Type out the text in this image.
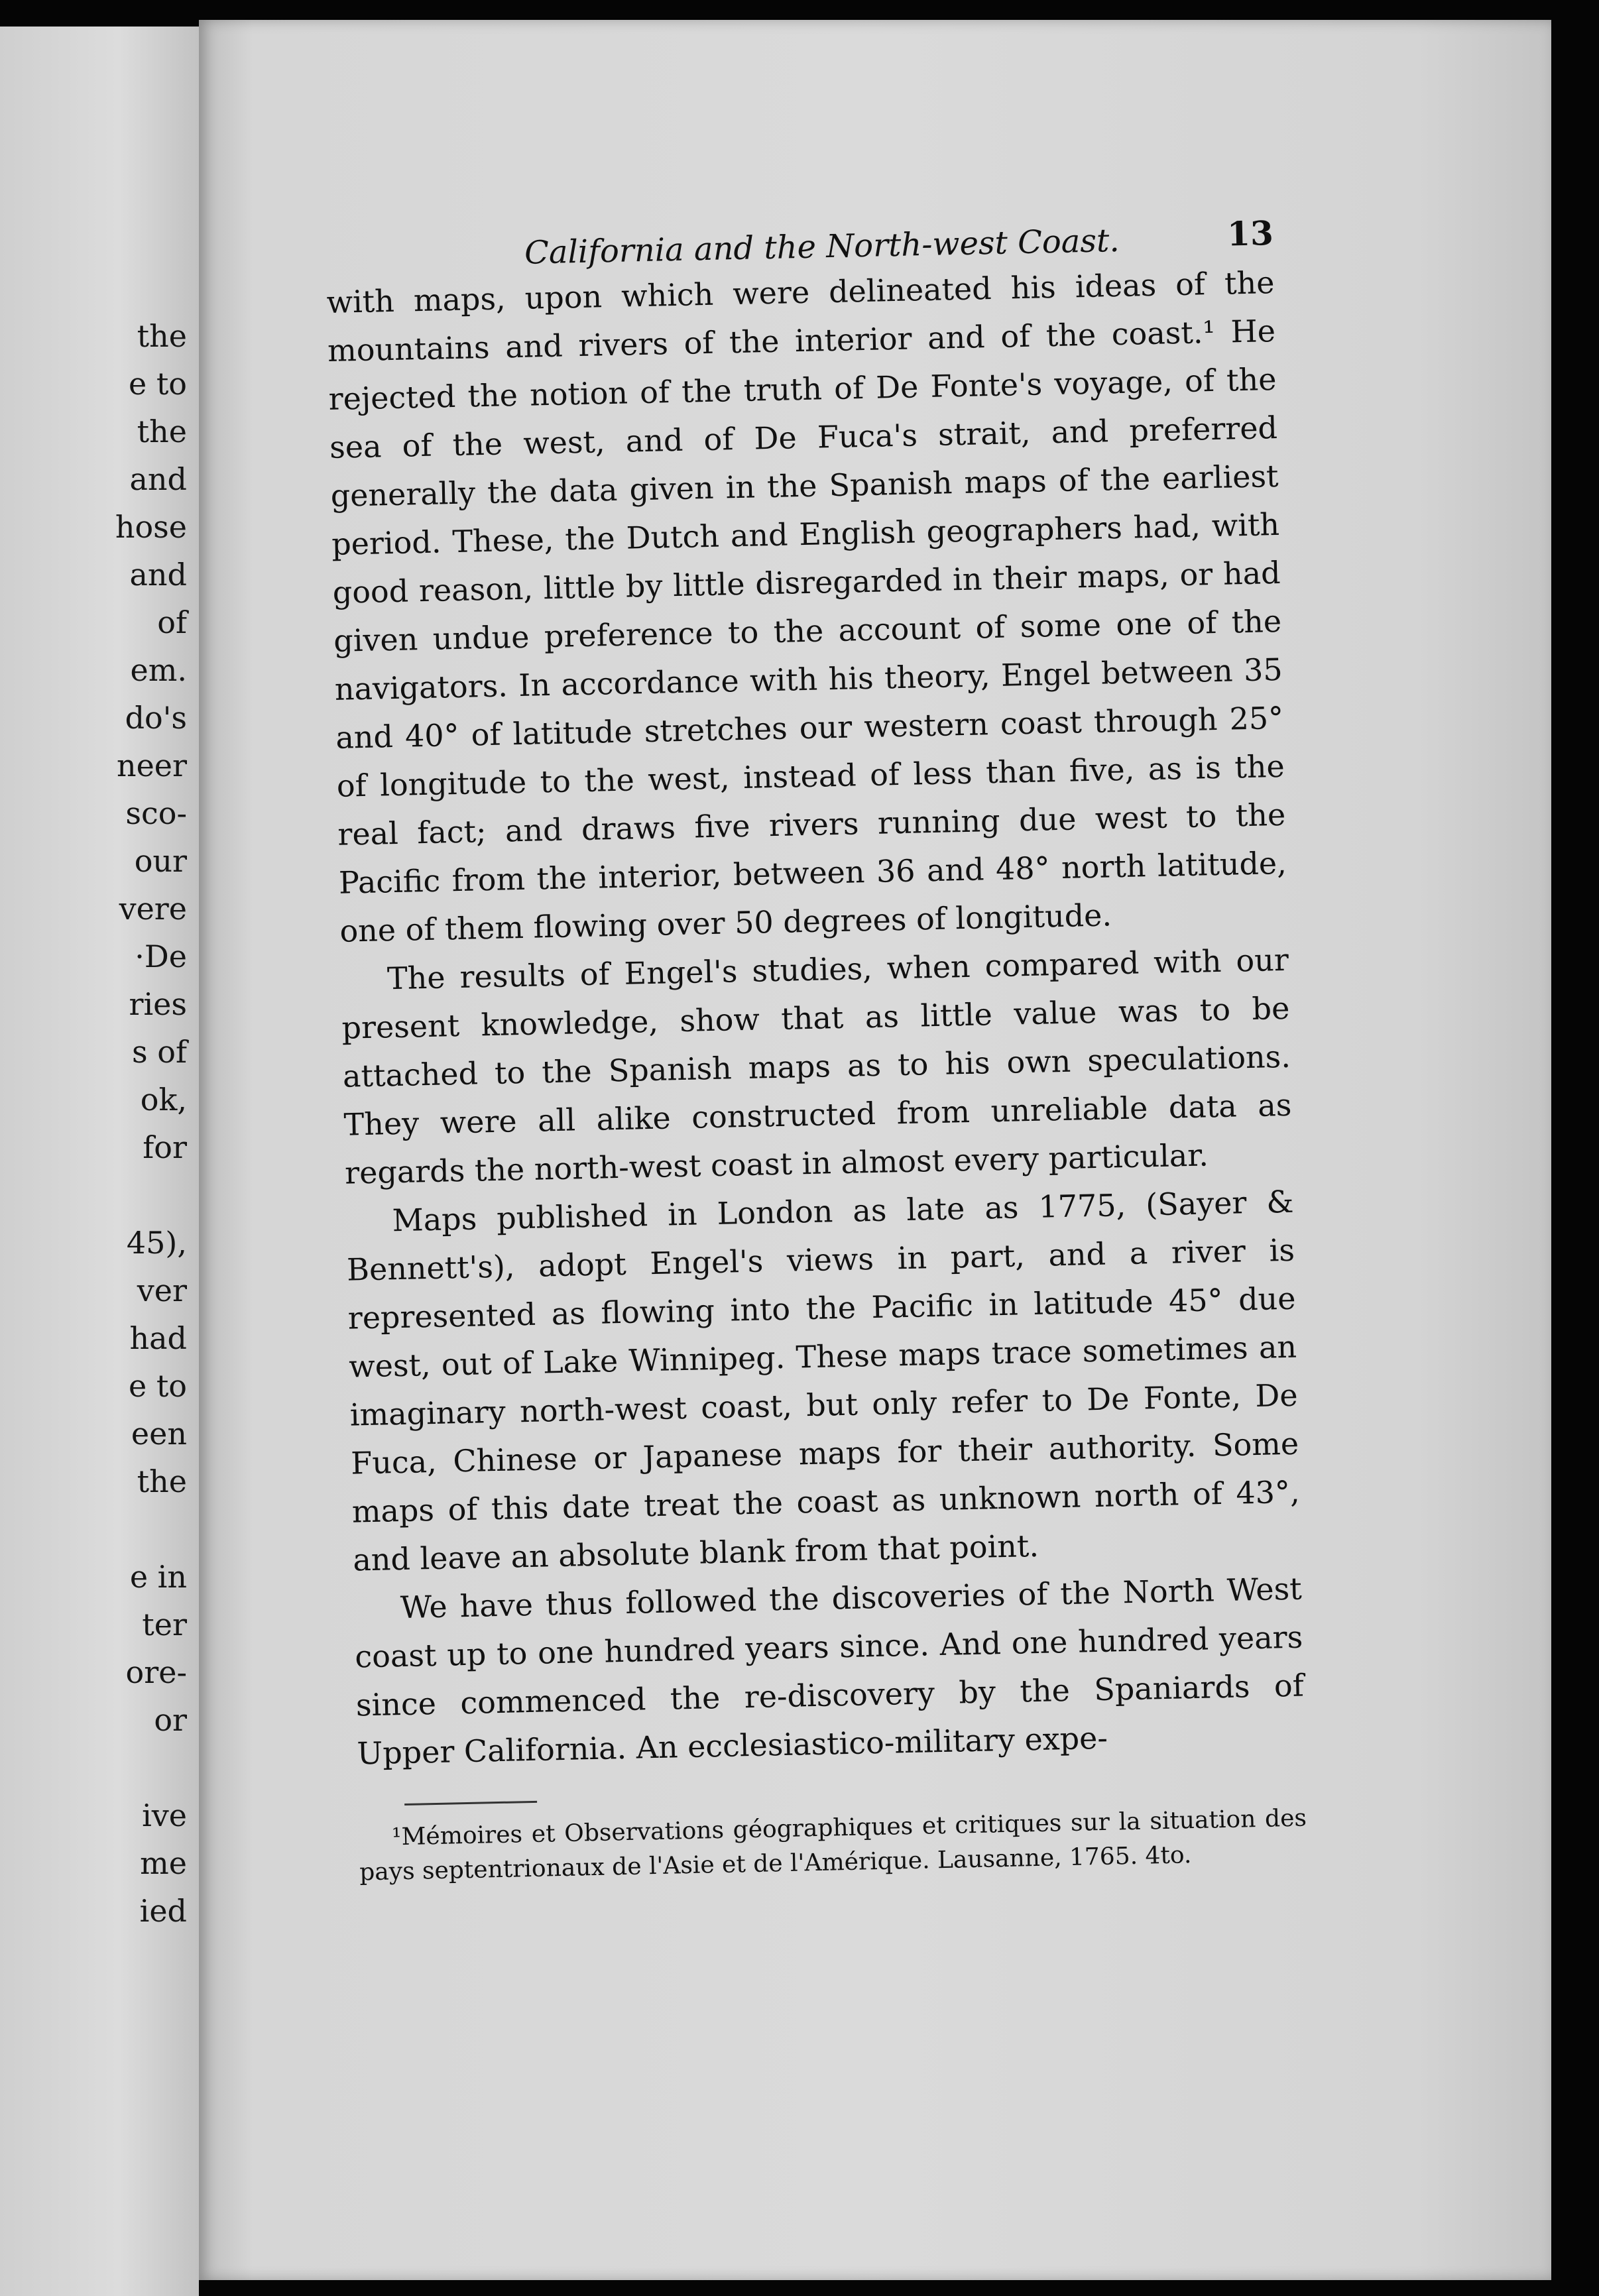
the
e to
the
and
hose
and
of
em.
do's
neer
sco-
our
vere
·De
ries
s of
ok,
for
45),
ver
had
e to
een
the
e in
ter
ore-
or
ive
me
ied
California and the North-west Coast.	13

with maps, upon which were delineated his ideas of the mountains and rivers of the interior and of the coast.¹ He rejected the notion of the truth of De Fonte's voyage, of the sea of the west, and of De Fuca's strait, and preferred generally the data given in the Spanish maps of the earliest period. These, the Dutch and English geographers had, with good reason, little by little disregarded in their maps, or had given undue preference to the account of some one of the navigators. In accordance with his theory, Engel between 35 and 40° of latitude stretches our western coast through 25° of longitude to the west, instead of less than five, as is the real fact; and draws five rivers running due west to the Pacific from the interior, between 36 and 48° north latitude, one of them flowing over 50 degrees of longitude.

The results of Engel's studies, when compared with our present knowledge, show that as little value was to be attached to the Spanish maps as to his own speculations. They were all alike constructed from unreliable data as regards the north-west coast in almost every particular.

Maps published in London as late as 1775, (Sayer & Bennett's), adopt Engel's views in part, and a river is represented as flowing into the Pacific in latitude 45° due west, out of Lake Winnipeg. These maps trace sometimes an imaginary north-west coast, but only refer to De Fonte, De Fuca, Chinese or Japanese maps for their authority. Some maps of this date treat the coast as unknown north of 43°, and leave an absolute blank from that point.

We have thus followed the discoveries of the North West coast up to one hundred years since. And one hundred years since commenced the re-discovery by the Spaniards of Upper California. An ecclesiastico-military expe-

¹Mémoires et Observations géographiques et critiques sur la situation des pays septentrionaux de l'Asie et de l'Amérique. Lausanne, 1765. 4to.
